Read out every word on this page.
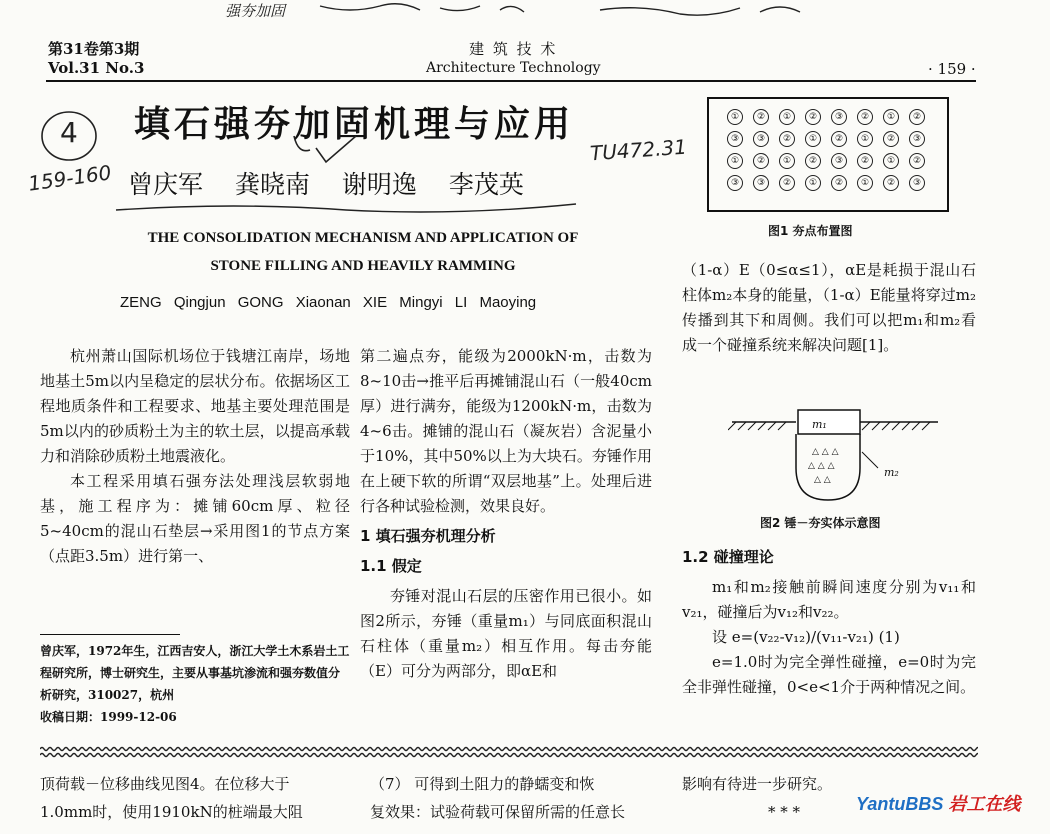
强夯加固
第31卷第3期
Vol.31 No.3
建 筑 技 术
Architecture Technology	· 159 ·
4
159-160
TU472.31
填石强夯加固机理与应用
曾庆军 龚晓南 谢明逸 李茂英
THE CONSOLIDATION MECHANISM AND APPLICATION OF
STONE FILLING AND HEAVILY RAMMING
ZENG Qingjun GONG Xiaonan XIE Mingyi LI Maoying

杭州萧山国际机场位于钱塘江南岸，场地地基土5m以内呈稳定的层状分布。依据场区工程地质条件和工程要求、地基主要处理范围是5m以内的砂质粉土为主的软土层，以提高承载力和消除砂质粉土地震液化。

本工程采用填石强夯法处理浅层软弱地基，施工程序为：摊铺60cm厚、粒径5~40cm的混山石垫层→采用图1的节点方案（点距3.5m）进行第一、

曾庆军，1972年生，江西吉安人，浙江大学土木系岩土工程研究所，博士研究生，主要从事基坑渗流和强夯数值分析研究，310027，杭州
收稿日期：1999-12-06

第二遍点夯，能级为2000kN·m，击数为8~10击→推平后再摊铺混山石（一般40cm厚）进行满夯，能级为1200kN·m，击数为4~6击。摊铺的混山石（凝灰岩）含泥量小于10%，其中50%以上为大块石。夯锤作用在上硬下软的所谓“双层地基”上。处理后进行各种试验检测，效果良好。

1 填石强夯机理分析

1.1 假定

夯锤对混山石层的压密作用已很小。如图2所示，夯锤（重量m₁）与同底面积混山石柱体（重量m₂）相互作用。每击夯能（E）可分为两部分，即αE和

①	②	①	②	③	②	①	②
③	③	②	①	②	①	②	③
①	②	①	②	③	②	①	②
③	③	②	①	②	①	②	③
图1 夯点布置图

（1-α）E（0≤α≤1），αE是耗损于混山石柱体m₂本身的能量，（1-α）E能量将穿过m₂传播到其下和周侧。我们可以把m₁和m₂看成一个碰撞系统来解决问题[1]。

△ △ △
△ △ △
△ △
m₁
m₂
图2 锤－夯实体示意图

1.2 碰撞理论

m₁和m₂接触前瞬间速度分别为v₁₁和v₂₁，碰撞后为v₁₂和v₂₂。

设 e=(v₂₂-v₁₂)/(v₁₁-v₂₁) (1)

e=1.0时为完全弹性碰撞，e=0时为完全非弹性碰撞，0<e<1介于两种情况之间。

顶荷载－位移曲线见图4。在位移大于
1.0mm时，使用1910kN的桩端最大阻
（7） 可得到土阻力的静蠕变和恢
复效果：试验荷载可保留所需的任意长
影响有待进一步研究。
* * *	YantuBBS 岩工在线
